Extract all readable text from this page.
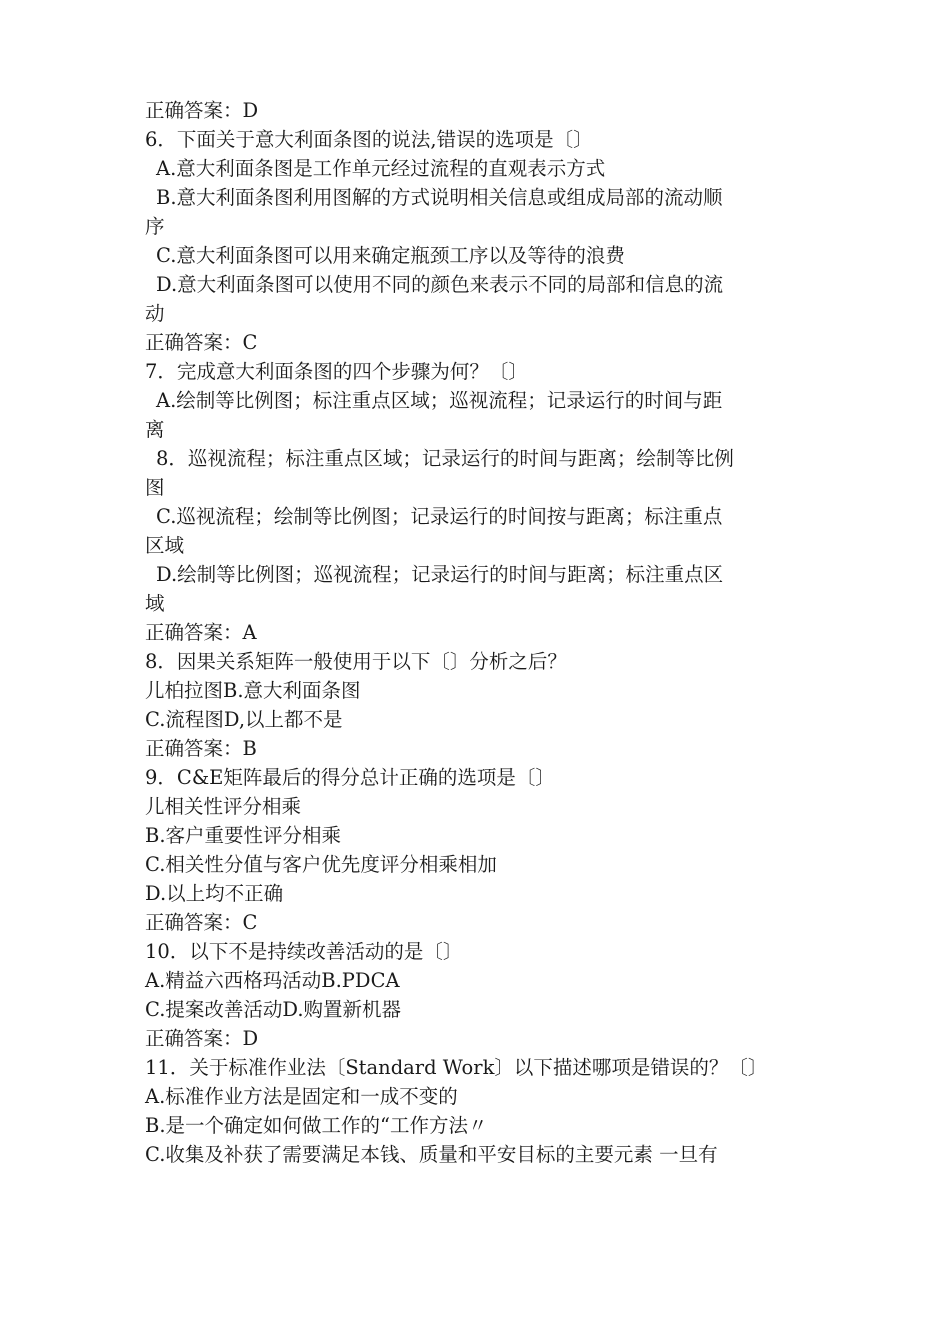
正确答案：D
6．下面关于意大利面条图的说法,错误的选项是〔〕
A.意大利面条图是工作单元经过流程的直观表示方式
B.意大利面条图利用图解的方式说明相关信息或组成局部的流动顺
序
C.意大利面条图可以用来确定瓶颈工序以及等待的浪费
D.意大利面条图可以使用不同的颜色来表示不同的局部和信息的流
动
正确答案：C
7．完成意大利面条图的四个步骤为何？〔〕
A.绘制等比例图；标注重点区域；巡视流程；记录运行的时间与距
离
8．巡视流程；标注重点区域；记录运行的时间与距离；绘制等比例
图
C.巡视流程；绘制等比例图；记录运行的时间按与距离；标注重点
区域
D.绘制等比例图；巡视流程；记录运行的时间与距离；标注重点区
域
正确答案：A
8．因果关系矩阵一般使用于以下〔〕分析之后？
儿柏拉图B.意大利面条图
C.流程图D,以上都不是
正确答案：B
9．C&E矩阵最后的得分总计正确的选项是〔〕
儿相关性评分相乘
B.客户重要性评分相乘
C.相关性分值与客户优先度评分相乘相加
D.以上均不正确
正确答案：C
10．以下不是持续改善活动的是〔〕
A.精益六西格玛活动B.PDCA
C.提案改善活动D.购置新机器
正确答案：D
11．关于标准作业法〔Standard Work〕以下描述哪项是错误的？〔〕
A.标准作业方法是固定和一成不变的
B.是一个确定如何做工作的“工作方法〃
C.收集及补获了需要满足本钱、质量和平安目标的主要元素 一旦有
